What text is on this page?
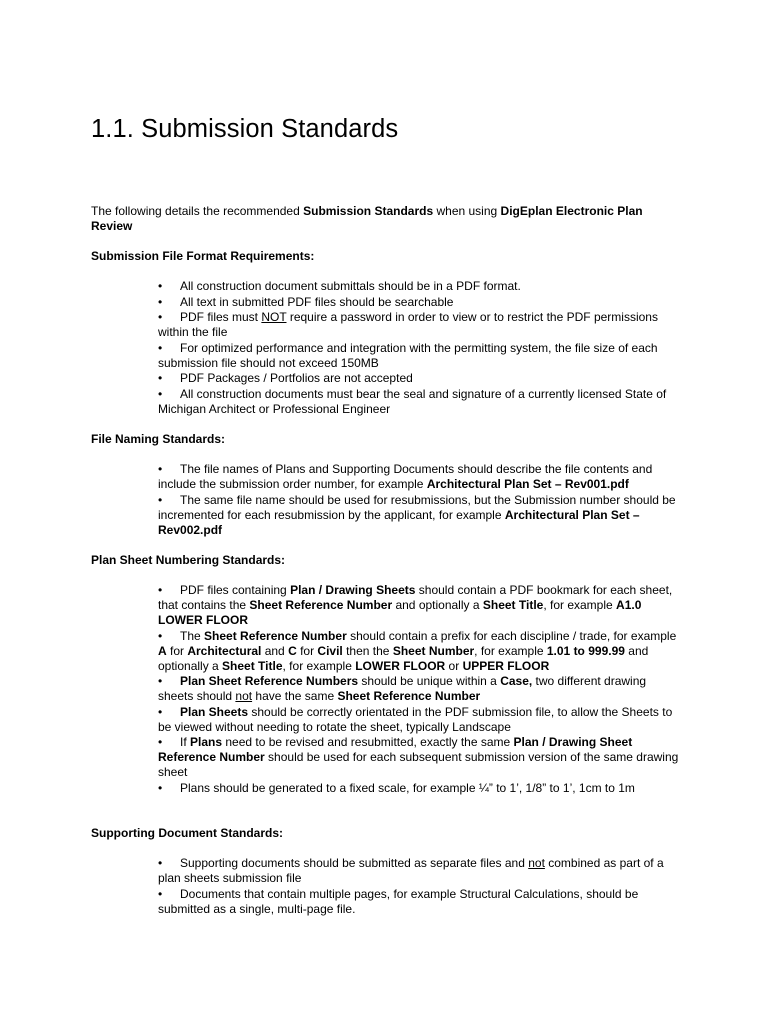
1.1. Submission Standards

The following details the recommended Submission Standards when using DigEplan Electronic Plan Review

Submission File Format Requirements:

• All construction document submittals should be in a PDF format.
• All text in submitted PDF files should be searchable
• PDF files must NOT require a password in order to view or to restrict the PDF permissions within the file
• For optimized performance and integration with the permitting system, the file size of each submission file should not exceed 150MB
• PDF Packages / Portfolios are not accepted
• All construction documents must bear the seal and signature of a currently licensed State of Michigan Architect or Professional Engineer

File Naming Standards:

• The file names of Plans and Supporting Documents should describe the file contents and include the submission order number, for example Architectural Plan Set – Rev001.pdf
• The same file name should be used for resubmissions, but the Submission number should be incremented for each resubmission by the applicant, for example Architectural Plan Set – Rev002.pdf

Plan Sheet Numbering Standards:

• PDF files containing Plan / Drawing Sheets should contain a PDF bookmark for each sheet, that contains the Sheet Reference Number and optionally a Sheet Title, for example A1.0 LOWER FLOOR
• The Sheet Reference Number should contain a prefix for each discipline / trade, for example A for Architectural and C for Civil then the Sheet Number, for example 1.01 to 999.99 and optionally a Sheet Title, for example LOWER FLOOR or UPPER FLOOR
• Plan Sheet Reference Numbers should be unique within a Case, two different drawing sheets should not have the same Sheet Reference Number
• Plan Sheets should be correctly orientated in the PDF submission file, to allow the Sheets to be viewed without needing to rotate the sheet, typically Landscape
• If Plans need to be revised and resubmitted, exactly the same Plan / Drawing Sheet Reference Number should be used for each subsequent submission version of the same drawing sheet
• Plans should be generated to a fixed scale, for example ¼” to 1’, 1/8” to 1’, 1cm to 1m

Supporting Document Standards:

• Supporting documents should be submitted as separate files and not combined as part of a plan sheets submission file
• Documents that contain multiple pages, for example Structural Calculations, should be submitted as a single, multi-page file.
